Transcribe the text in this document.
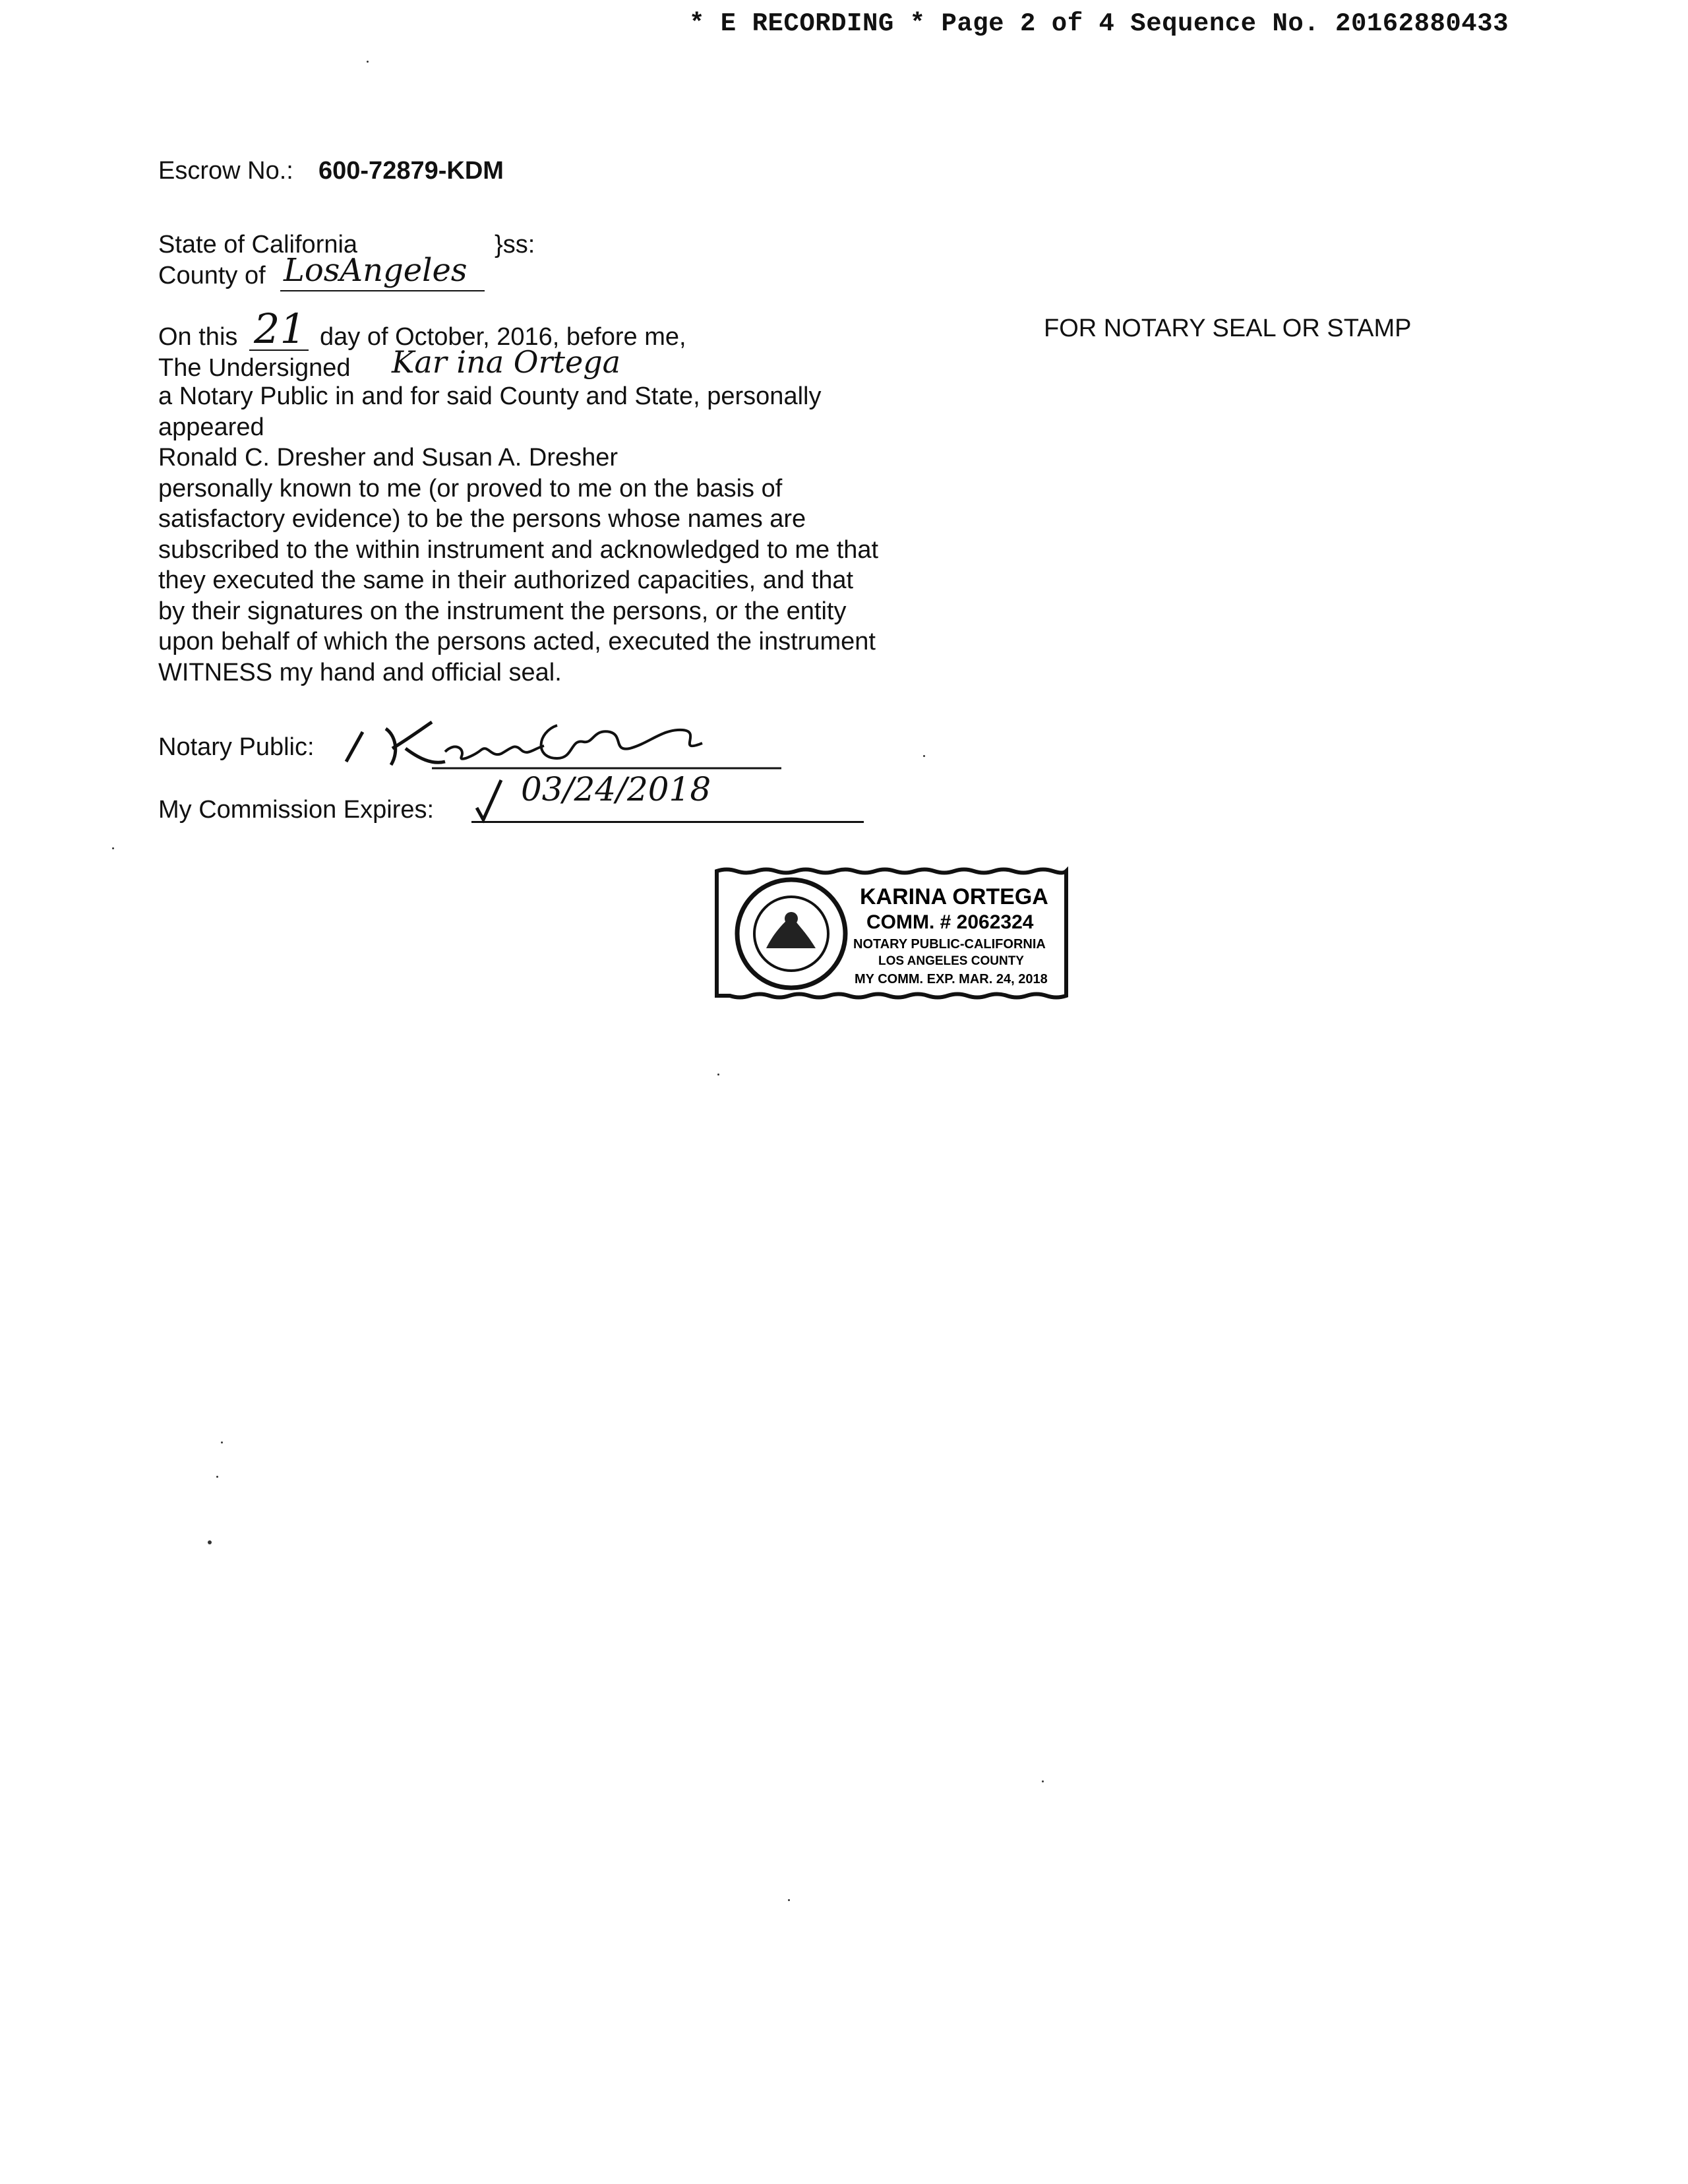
* E RECORDING * Page 2 of 4 Sequence No. 20162880433
Escrow No.: 600-72879-KDM
State of California	}ss:
County of LosAngeles
On this 21 day of October, 2016, before me,
The Undersigned Kar ina Ortega
a Notary Public in and for said County and State, personally
appeared
Ronald C. Dresher and Susan A. Dresher
personally known to me (or proved to me on the basis of
satisfactory evidence) to be the persons whose names are
subscribed to the within instrument and acknowledged to me that
they executed the same in their authorized capacities, and that
by their signatures on the instrument the persons, or the entity
upon behalf of which the persons acted, executed the instrument
WITNESS my hand and official seal.
FOR NOTARY SEAL OR STAMP
Notary Public:
My Commission Expires:
03/24/2018
KARINA ORTEGA
COMM. # 2062324
NOTARY PUBLIC-CALIFORNIA
LOS ANGELES COUNTY
MY COMM. EXP. MAR. 24, 2018
